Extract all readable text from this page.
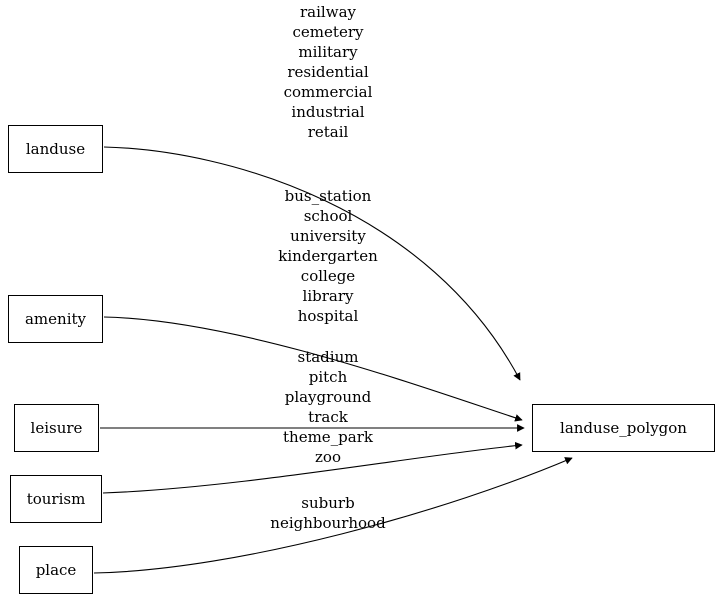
landuse
amenity
leisure
tourism
place
landuse_polygon
railway
cemetery
military
residential
commercial
industrial
retail
bus_station
school
university
kindergarten
college
library
hospital
stadium
pitch
playground
track
theme_park
zoo
suburb
neighbourhood
